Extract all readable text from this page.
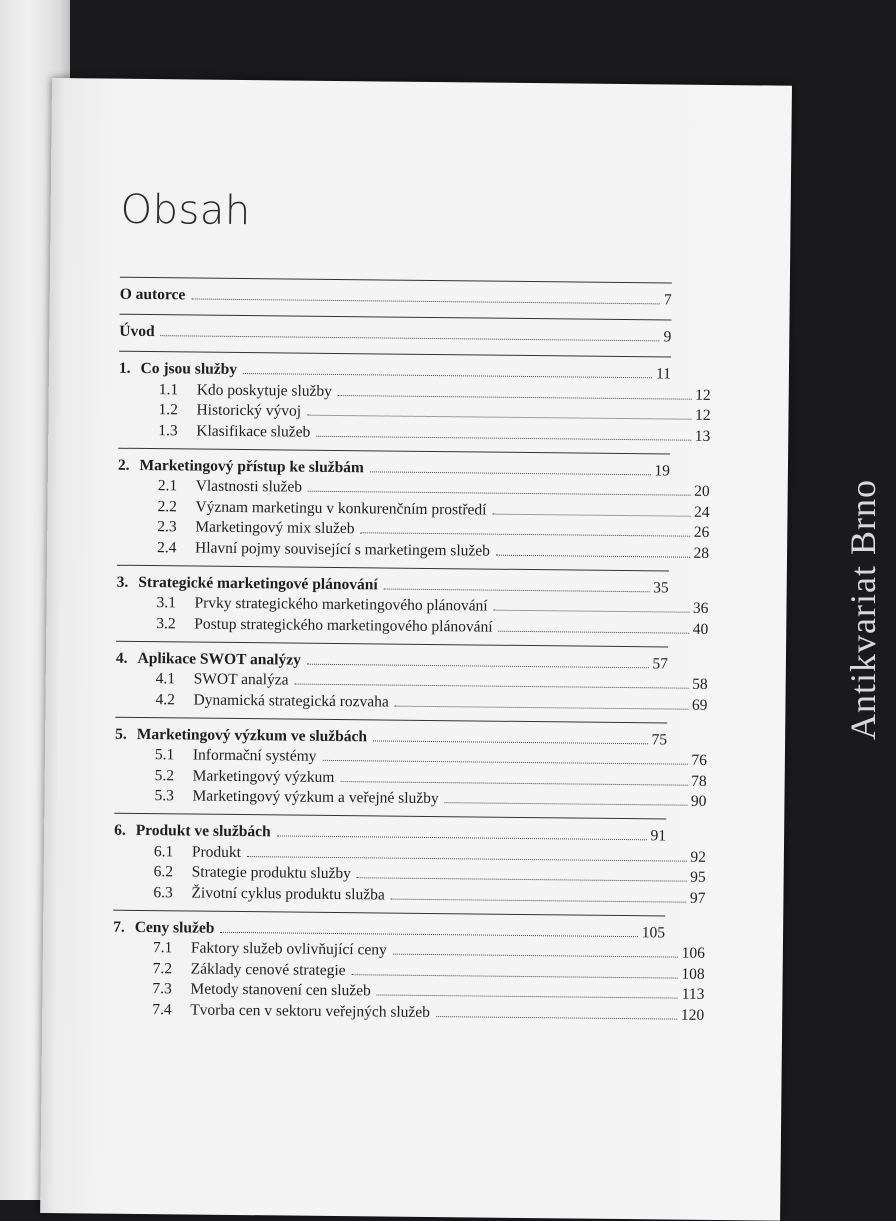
Obsah
O autorce	7
Úvod	9
1. Co jsou služby	11
1.1	Kdo poskytuje služby	12
1.2	Historický vývoj	12
1.3	Klasifikace služeb	13
2. Marketingový přístup ke službám	19
2.1	Vlastnosti služeb	20
2.2	Význam marketingu v konkurenčním prostředí	24
2.3	Marketingový mix služeb	26
2.4	Hlavní pojmy související s marketingem služeb	28
3. Strategické marketingové plánování	35
3.1	Prvky strategického marketingového plánování	36
3.2	Postup strategického marketingového plánování	40
4. Aplikace SWOT analýzy	57
4.1	SWOT analýza	58
4.2	Dynamická strategická rozvaha	69
5. Marketingový výzkum ve službách	75
5.1	Informační systémy	76
5.2	Marketingový výzkum	78
5.3	Marketingový výzkum a veřejné služby	90
6. Produkt ve službách	91
6.1	Produkt	92
6.2	Strategie produktu služby	95
6.3	Životní cyklus produktu služba	97
7. Ceny služeb	105
7.1	Faktory služeb ovlivňující ceny	106
7.2	Základy cenové strategie	108
7.3	Metody stanovení cen služeb	113
7.4	Tvorba cen v sektoru veřejných služeb	120
Antikvariat Brno
